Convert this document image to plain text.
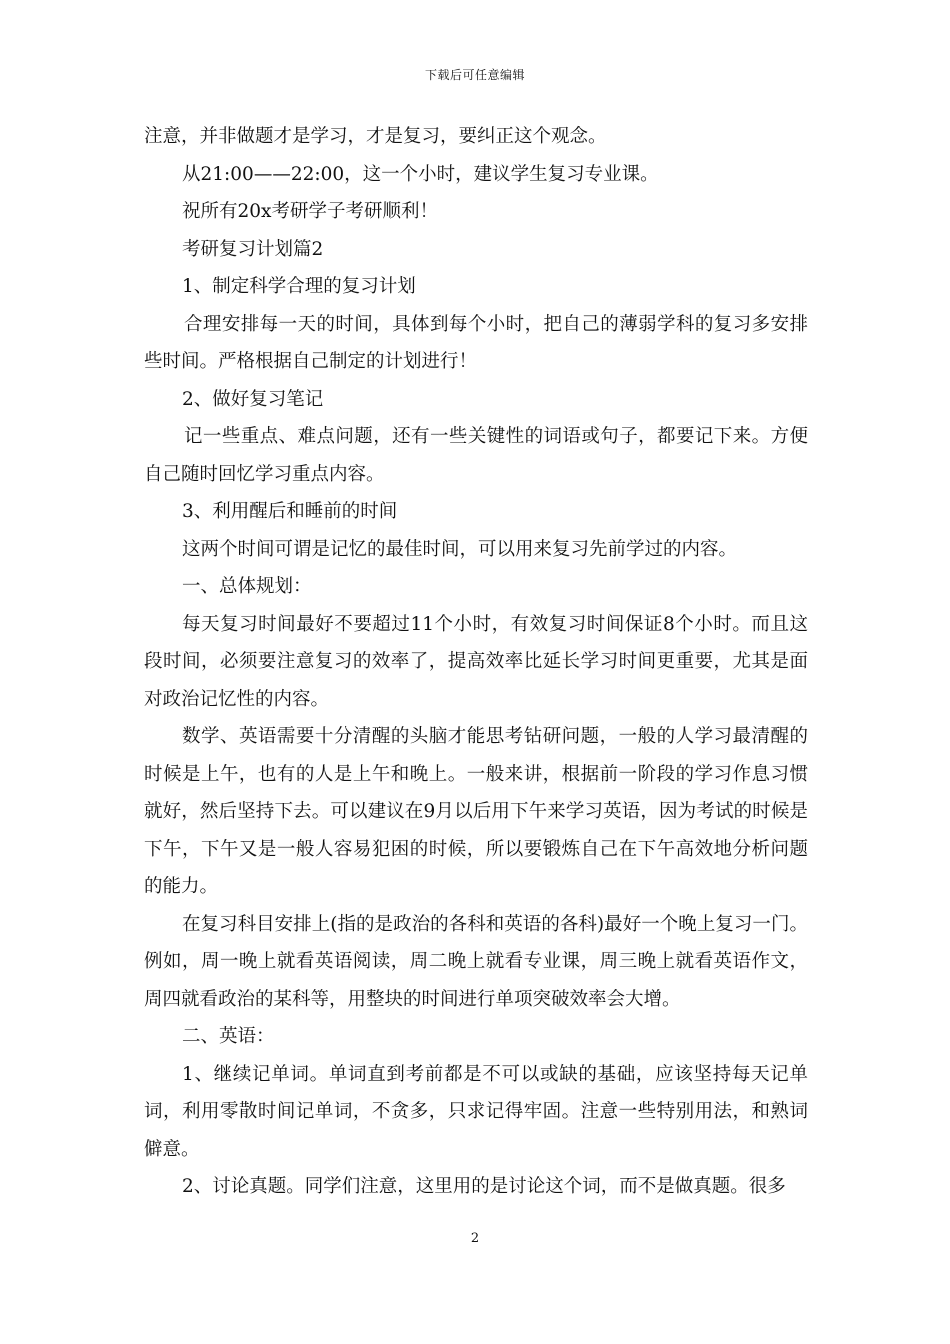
下载后可任意编辑

注意，并非做题才是学习，才是复习，要纠正这个观念。

从21:00——22:00，这一个小时，建议学生复习专业课。

祝所有20x考研学子考研顺利！

考研复习计划篇2

1、制定科学合理的复习计划

合理安排每一天的时间，具体到每个小时，把自己的薄弱学科的复习多安排些时间。严格根据自己制定的计划进行！

2、做好复习笔记

记一些重点、难点问题，还有一些关键性的词语或句子，都要记下来。方便自己随时回忆学习重点内容。

3、利用醒后和睡前的时间

这两个时间可谓是记忆的最佳时间，可以用来复习先前学过的内容。

一、总体规划：

每天复习时间最好不要超过11个小时，有效复习时间保证8个小时。而且这段时间，必须要注意复习的效率了，提高效率比延长学习时间更重要，尤其是面对政治记忆性的内容。

数学、英语需要十分清醒的头脑才能思考钻研问题，一般的人学习最清醒的时候是上午，也有的人是上午和晚上。一般来讲，根据前一阶段的学习作息习惯就好，然后坚持下去。可以建议在9月以后用下午来学习英语，因为考试的时候是下午，下午又是一般人容易犯困的时候，所以要锻炼自己在下午高效地分析问题的能力。

在复习科目安排上(指的是政治的各科和英语的各科)最好一个晚上复习一门。例如，周一晚上就看英语阅读，周二晚上就看专业课，周三晚上就看英语作文，周四就看政治的某科等，用整块的时间进行单项突破效率会大增。

二、英语：

1、继续记单词。单词直到考前都是不可以或缺的基础，应该坚持每天记单词，利用零散时间记单词，不贪多，只求记得牢固。注意一些特别用法，和熟词僻意。

2、讨论真题。同学们注意，这里用的是讨论这个词，而不是做真题。很多

2
